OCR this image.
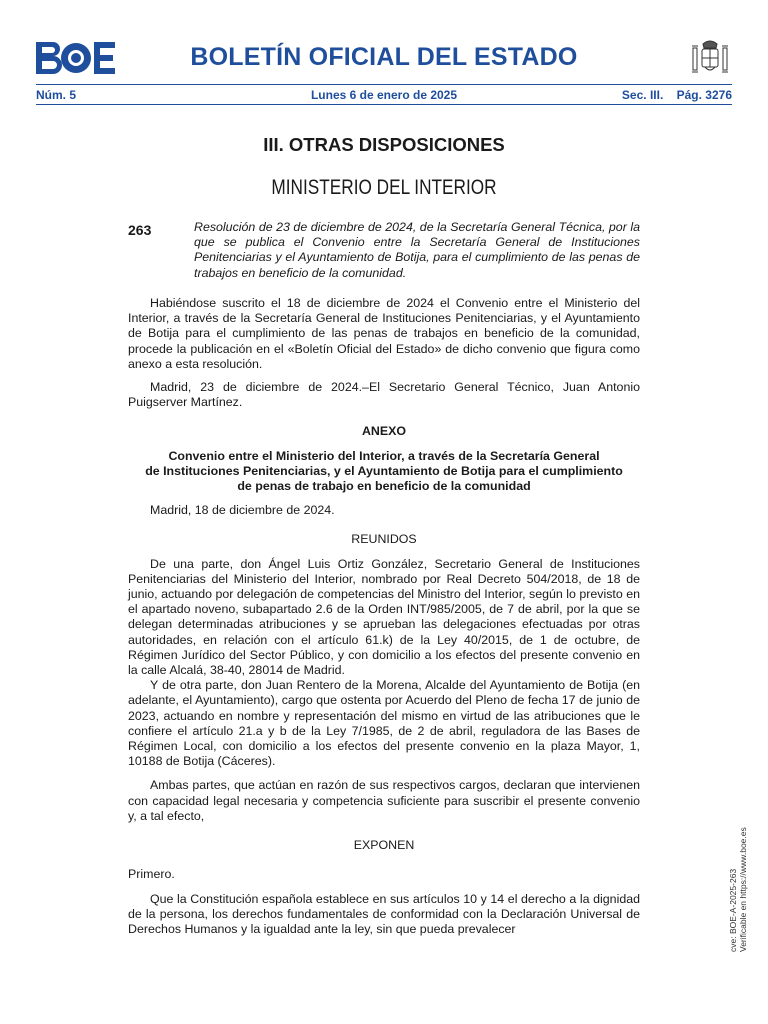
BOLETÍN OFICIAL DEL ESTADO
Núm. 5	Lunes 6 de enero de 2025	Sec. III. Pág. 3276
III. OTRAS DISPOSICIONES
MINISTERIO DEL INTERIOR
263	Resolución de 23 de diciembre de 2024, de la Secretaría General Técnica, por la que se publica el Convenio entre la Secretaría General de Instituciones Penitenciarias y el Ayuntamiento de Botija, para el cumplimiento de las penas de trabajos en beneficio de la comunidad.

Habiéndose suscrito el 18 de diciembre de 2024 el Convenio entre el Ministerio del Interior, a través de la Secretaría General de Instituciones Penitenciarias, y el Ayuntamiento de Botija para el cumplimiento de las penas de trabajos en beneficio de la comunidad, procede la publicación en el «Boletín Oficial del Estado» de dicho convenio que figura como anexo a esta resolución.

Madrid, 23 de diciembre de 2024.–El Secretario General Técnico, Juan Antonio Puigserver Martínez.

ANEXO

Convenio entre el Ministerio del Interior, a través de la Secretaría General
de Instituciones Penitenciarias, y el Ayuntamiento de Botija para el cumplimiento
de penas de trabajo en beneficio de la comunidad

Madrid, 18 de diciembre de 2024.

REUNIDOS

De una parte, don Ángel Luis Ortiz González, Secretario General de Instituciones Penitenciarias del Ministerio del Interior, nombrado por Real Decreto 504/2018, de 18 de junio, actuando por delegación de competencias del Ministro del Interior, según lo previsto en el apartado noveno, subapartado 2.6 de la Orden INT/985/2005, de 7 de abril, por la que se delegan determinadas atribuciones y se aprueban las delegaciones efectuadas por otras autoridades, en relación con el artículo 61.k) de la Ley 40/2015, de 1 de octubre, de Régimen Jurídico del Sector Público, y con domicilio a los efectos del presente convenio en la calle Alcalá, 38-40, 28014 de Madrid.

Y de otra parte, don Juan Rentero de la Morena, Alcalde del Ayuntamiento de Botija (en adelante, el Ayuntamiento), cargo que ostenta por Acuerdo del Pleno de fecha 17 de junio de 2023, actuando en nombre y representación del mismo en virtud de las atribuciones que le confiere el artículo 21.a y b de la Ley 7/1985, de 2 de abril, reguladora de las Bases de Régimen Local, con domicilio a los efectos del presente convenio en la plaza Mayor, 1, 10188 de Botija (Cáceres).

Ambas partes, que actúan en razón de sus respectivos cargos, declaran que intervienen con capacidad legal necesaria y competencia suficiente para suscribir el presente convenio y, a tal efecto,

EXPONEN

Primero.

Que la Constitución española establece en sus artículos 10 y 14 el derecho a la dignidad de la persona, los derechos fundamentales de conformidad con la Declaración Universal de Derechos Humanos y la igualdad ante la ley, sin que pueda prevalecer	cve: BOE-A-2025-263 Verificable en https://www.boe.es
